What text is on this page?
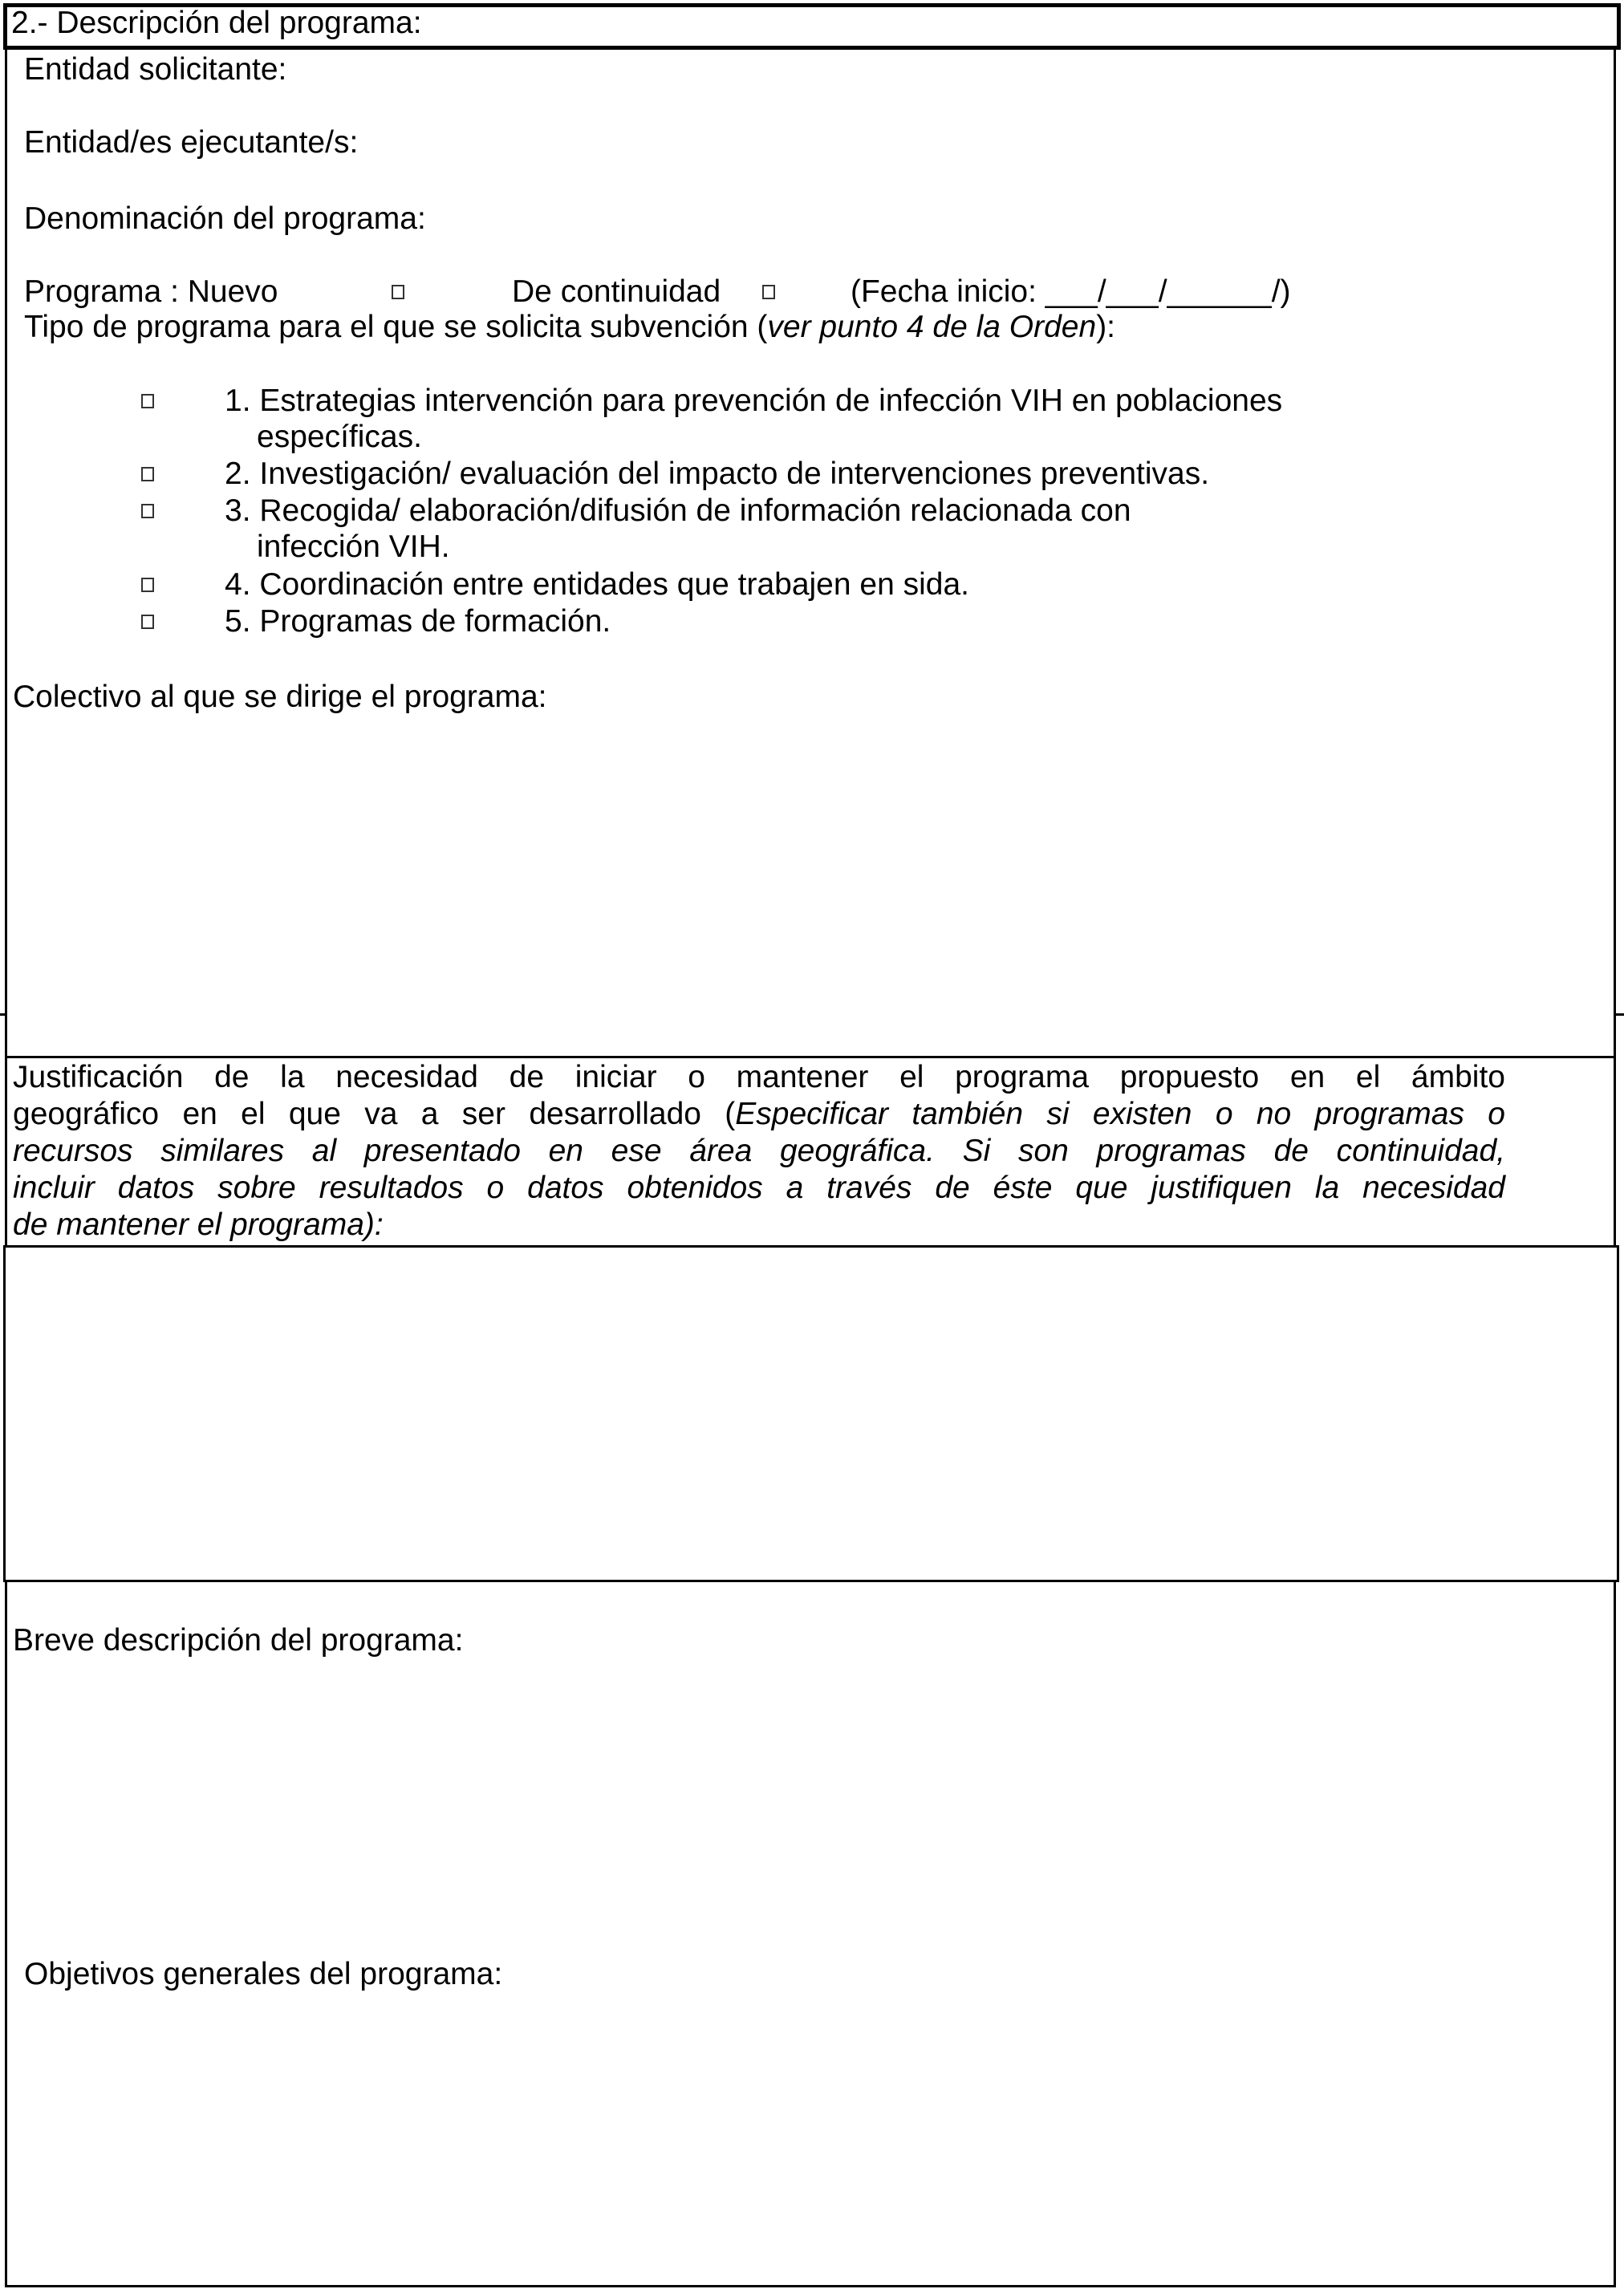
2.- Descripción del programa:
Entidad solicitante:
Entidad/es ejecutante/s:
Denominación del programa:
Programa : Nuevo	De continuidad	(Fecha inicio: ___/___/______/)
Tipo de programa para el que se solicita subvención (ver punto 4 de la Orden):
1. Estrategias intervención para prevención de infección VIH en poblaciones
específicas.
2. Investigación/ evaluación del impacto de intervenciones preventivas.
3. Recogida/ elaboración/difusión de información relacionada con
infección VIH.
4. Coordinación entre entidades que trabajen en sida.
5. Programas de formación.
Colectivo al que se dirige el programa:
Justificación de la necesidad de iniciar o mantener el programa propuesto en el ámbito
geográfico en el que va a ser desarrollado (Especificar también si existen o no programas o
recursos similares al presentado en ese área geográfica. Si son programas de continuidad,
incluir datos sobre resultados o datos obtenidos a través de éste que justifiquen la necesidad
de mantener el programa):
Breve descripción del programa:
Objetivos generales del programa:
